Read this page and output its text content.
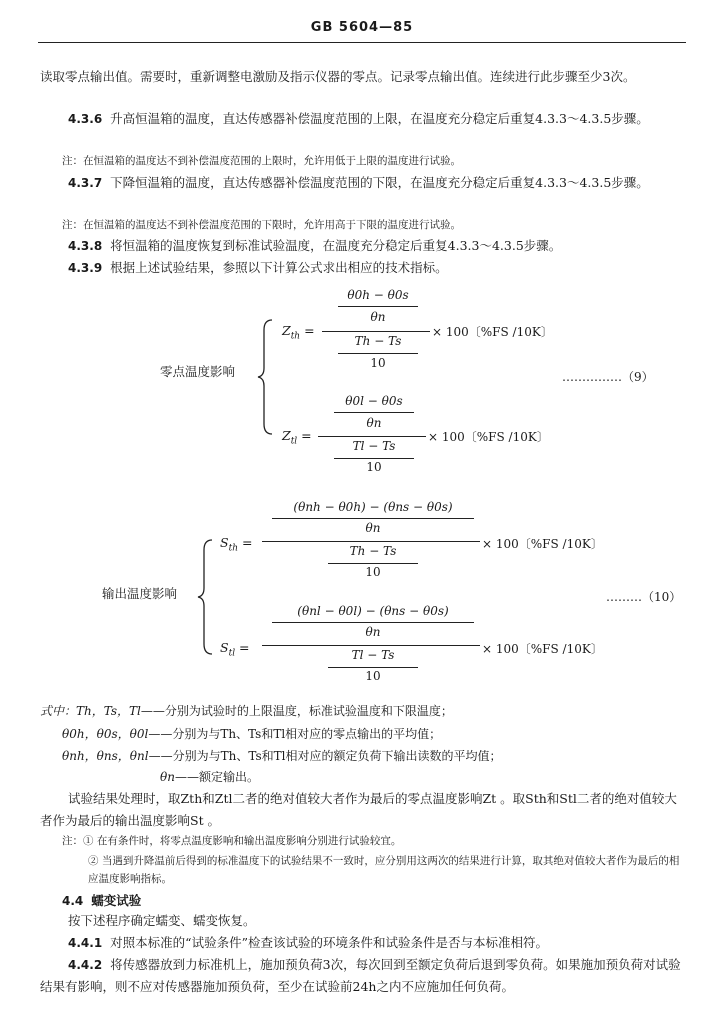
GB 5604—85
读取零点输出值。需要时，重新调整电激励及指示仪器的零点。记录零点输出值。连续进行此步骤至少3次。
4.3.6 升高恒温箱的温度，直达传感器补偿温度范围的上限，在温度充分稳定后重复4.3.3～4.3.5步骤。
注：在恒温箱的温度达不到补偿温度范围的上限时，允许用低于上限的温度进行试验。
4.3.7 下降恒温箱的温度，直达传感器补偿温度范围的下限，在温度充分稳定后重复4.3.3～4.3.5步骤。
注：在恒温箱的温度达不到补偿温度范围的下限时，允许用高于下限的温度进行试验。
4.3.8 将恒温箱的温度恢复到标准试验温度，在温度充分稳定后重复4.3.3～4.3.5步骤。
4.3.9 根据上述试验结果，参照以下计算公式求出相应的技术指标。
零点温度影响	……………（9）
$Z_{th}$ =
θ0h − θ0s
θn
Th − Ts
10
× 100〔%FS /10K〕
$Z_{tl}$ =
θ0l − θ0s
θn
Tl − Ts
10
× 100〔%FS /10K〕
输出温度影响	………（10）
$S_{th}$ =
(θnh − θ0h) − (θns − θ0s)
θn
Th − Ts
10
× 100〔%FS /10K〕
$S_{tl}$ =
(θnl − θ0l) − (θns − θ0s)
θn
Tl − Ts
10
× 100〔%FS /10K〕
式中：Th，Ts，Tl——分别为试验时的上限温度，标准试验温度和下限温度；
θ0h，θ0s，θ0l——分别为与Th、Ts和Tl相对应的零点输出的平均值；
θnh，θns，θnl——分别为与Th、Ts和Tl相对应的额定负荷下输出读数的平均值；
θn——额定输出。
试验结果处理时，取Zth和Ztl二者的绝对值较大者作为最后的零点温度影响Zt 。取Sth和Stl二者的绝对值较大者作为最后的输出温度影响St 。
注：① 在有条件时，将零点温度影响和输出温度影响分别进行试验较宜。
② 当遇到升降温前后得到的标准温度下的试验结果不一致时，应分别用这两次的结果进行计算，取其绝对值较大者作为最后的相应温度影响指标。
4.4 蠕变试验
按下述程序确定蠕变、蠕变恢复。
4.4.1 对照本标准的“试验条件”检查该试验的环境条件和试验条件是否与本标准相符。
4.4.2 将传感器放到力标准机上，施加预负荷3次，每次回到至额定负荷后退到零负荷。如果施加预负荷对试验结果有影响，则不应对传感器施加预负荷，至少在试验前24h之内不应施加任何负荷。
